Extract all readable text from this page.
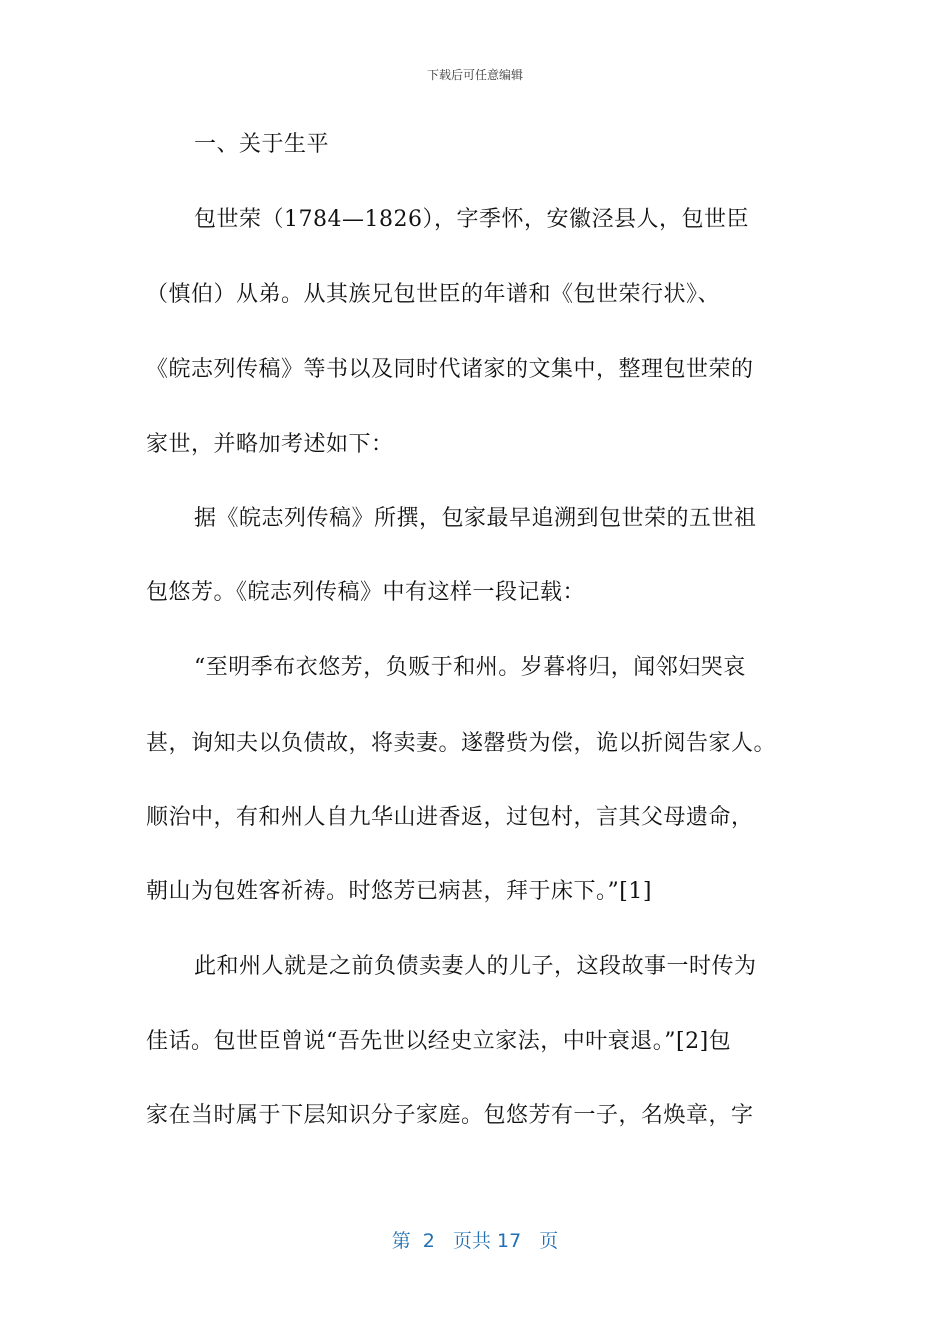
下载后可任意编辑
一、关于生平
包世荣（1784—1826），字季怀，安徽泾县人，包世臣
（慎伯）从弟。从其族兄包世臣的年谱和《包世荣行状》、
《皖志列传稿》等书以及同时代诸家的文集中，整理包世荣的
家世，并略加考述如下：
据《皖志列传稿》所撰，包家最早追溯到包世荣的五世祖
包悠芳。《皖志列传稿》中有这样一段记载：
“至明季布衣悠芳，负贩于和州。岁暮将归，闻邻妇哭哀
甚，询知夫以负债故，将卖妻。遂罄赀为偿，诡以折阅告家人。
顺治中，有和州人自九华山进香返，过包村，言其父母遗命，
朝山为包姓客祈祷。时悠芳已病甚，拜于床下。”[1]
此和州人就是之前负债卖妻人的儿子，这段故事一时传为
佳话。包世臣曾说“吾先世以经史立家法，中叶衰退。”[2]包
家在当时属于下层知识分子家庭。包悠芳有一子，名焕章，字
第  2   页共 17   页
